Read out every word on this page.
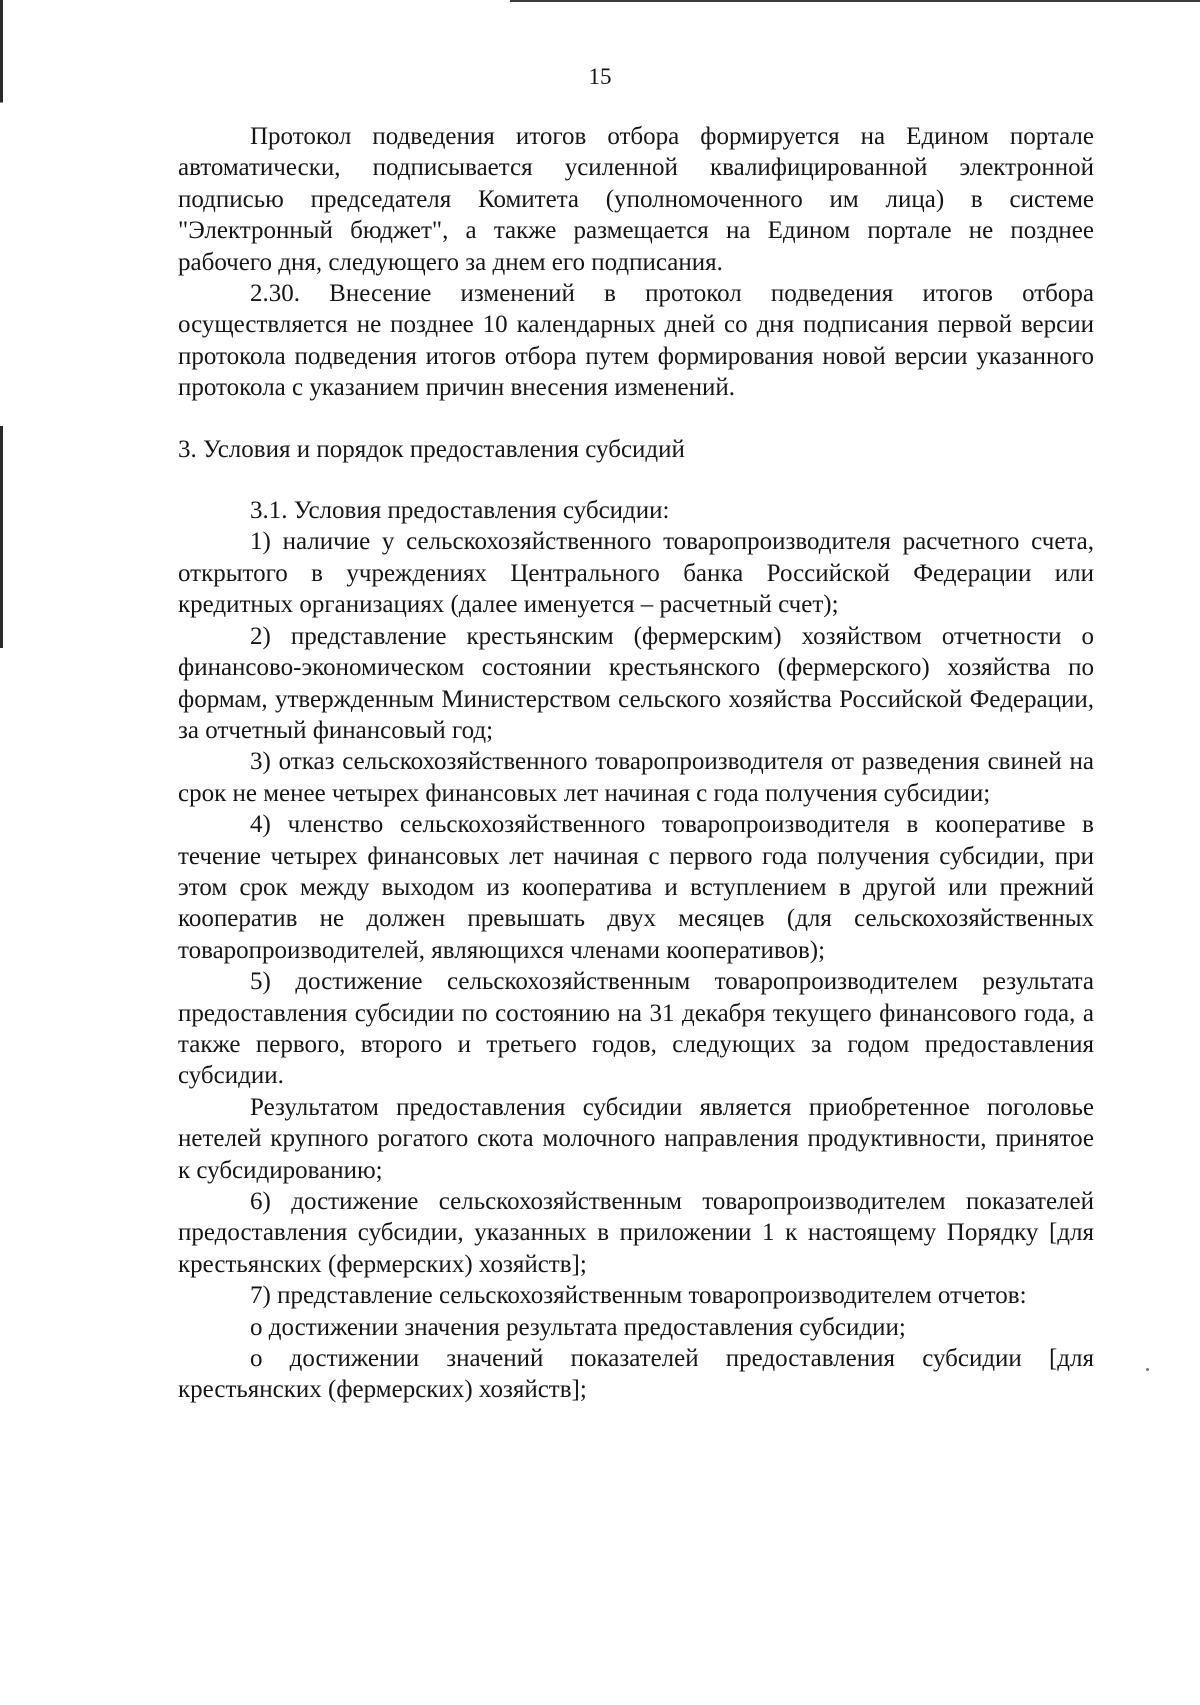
15

Протокол подведения итогов отбора формируется на Едином портале автоматически, подписывается усиленной квалифицированной электронной подписью председателя Комитета (уполномоченного им лица) в системе "Электронный бюджет", а также размещается на Едином портале не позднее рабочего дня, следующего за днем его подписания.

2.30. Внесение изменений в протокол подведения итогов отбора осуществляется не позднее 10 календарных дней со дня подписания первой версии протокола подведения итогов отбора путем формирования новой версии указанного протокола с указанием причин внесения изменений.

3. Условия и порядок предоставления субсидий

3.1. Условия предоставления субсидии:

1) наличие у сельскохозяйственного товаропроизводителя расчетного счета, открытого в учреждениях Центрального банка Российской Федерации или кредитных организациях (далее именуется – расчетный счет);

2) представление крестьянским (фермерским) хозяйством отчетности о финансово-экономическом состоянии крестьянского (фермерского) хозяйства по формам, утвержденным Министерством сельского хозяйства Российской Федерации, за отчетный финансовый год;

3) отказ сельскохозяйственного товаропроизводителя от разведения свиней на срок не менее четырех финансовых лет начиная с года получения субсидии;

4) членство сельскохозяйственного товаропроизводителя в кооперативе в течение четырех финансовых лет начиная с первого года получения субсидии, при этом срок между выходом из кооператива и вступлением в другой или прежний кооператив не должен превышать двух месяцев (для сельскохозяйственных товаропроизводителей, являющихся членами кооперативов);

5) достижение сельскохозяйственным товаропроизводителем результата предоставления субсидии по состоянию на 31 декабря текущего финансового года, а также первого, второго и третьего годов, следующих за годом предоставления субсидии.

Результатом предоставления субсидии является приобретенное поголовье нетелей крупного рогатого скота молочного направления продуктивности, принятое к субсидированию;

6) достижение сельскохозяйственным товаропроизводителем показателей предоставления субсидии, указанных в приложении 1 к настоящему Порядку [для крестьянских (фермерских) хозяйств];

7) представление сельскохозяйственным товаропроизводителем отчетов:

о достижении значения результата предоставления субсидии;

о достижении значений показателей предоставления субсидии [для крестьянских (фермерских) хозяйств];
